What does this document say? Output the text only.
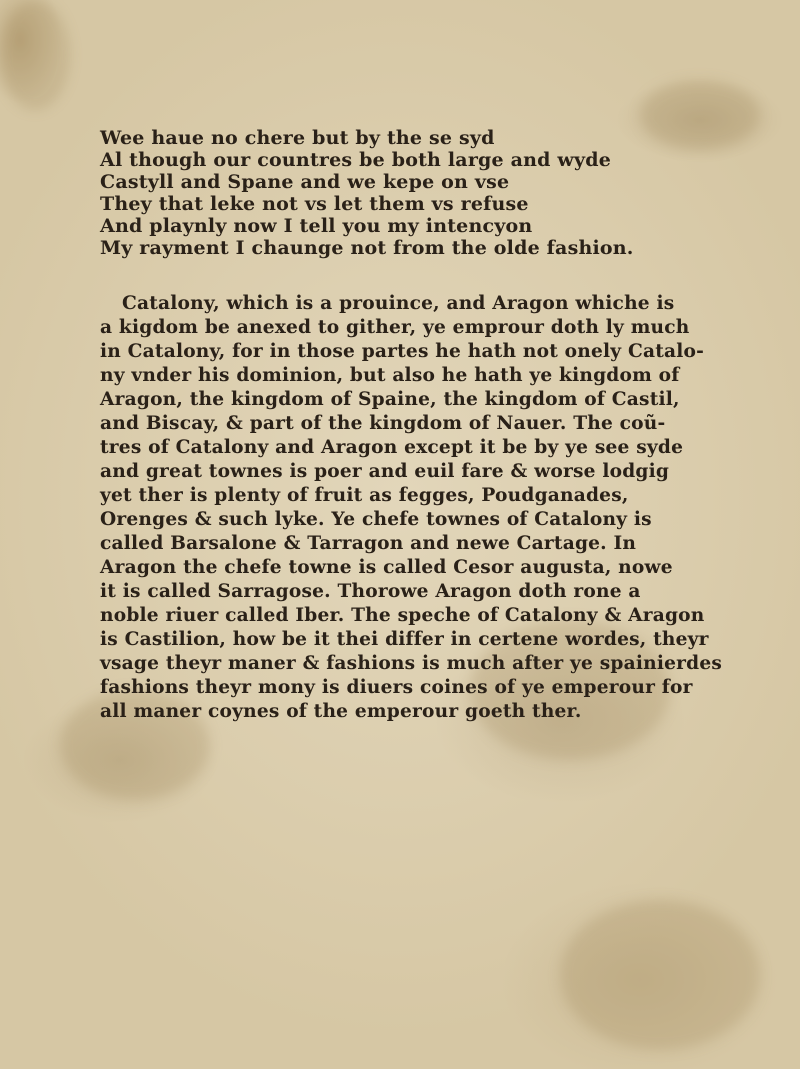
Wee haue no chere but by the se syd
Al though our countres be both large and wyde
Castyll and Spane and we kepe on vse
They that leke not vs let them vs refuse
And playnly now I tell you my intencyon
My rayment I chaunge not from the olde fashion.
Catalony, which is a prouince, and Aragon whiche is
a kigdom be anexed to gither, ye emprour doth ly much
in Catalony, for in those partes he hath not onely Catalo-
ny vnder his dominion, but also he hath ye kingdom of
Aragon, the kingdom of Spaine, the kingdom of Castil,
and Biscay, & part of the kingdom of Nauer. The coũ-
tres of Catalony and Aragon except it be by ye see syde
and great townes is poer and euil fare & worse lodgig
yet ther is plenty of fruit as fegges, Poudganades,
Orenges & such lyke. Ye chefe townes of Catalony is
called Barsalone & Tarragon and newe Cartage. In
Aragon the chefe towne is called Cesor augusta, nowe
it is called Sarragose. Thorowe Aragon doth rone a
noble riuer called Iber. The speche of Catalony & Aragon
is Castilion, how be it thei differ in certene wordes, theyr
vsage theyr maner & fashions is much after ye spainierdes
fashions theyr mony is diuers coines of ye emperour for
all maner coynes of the emperour goeth ther.
